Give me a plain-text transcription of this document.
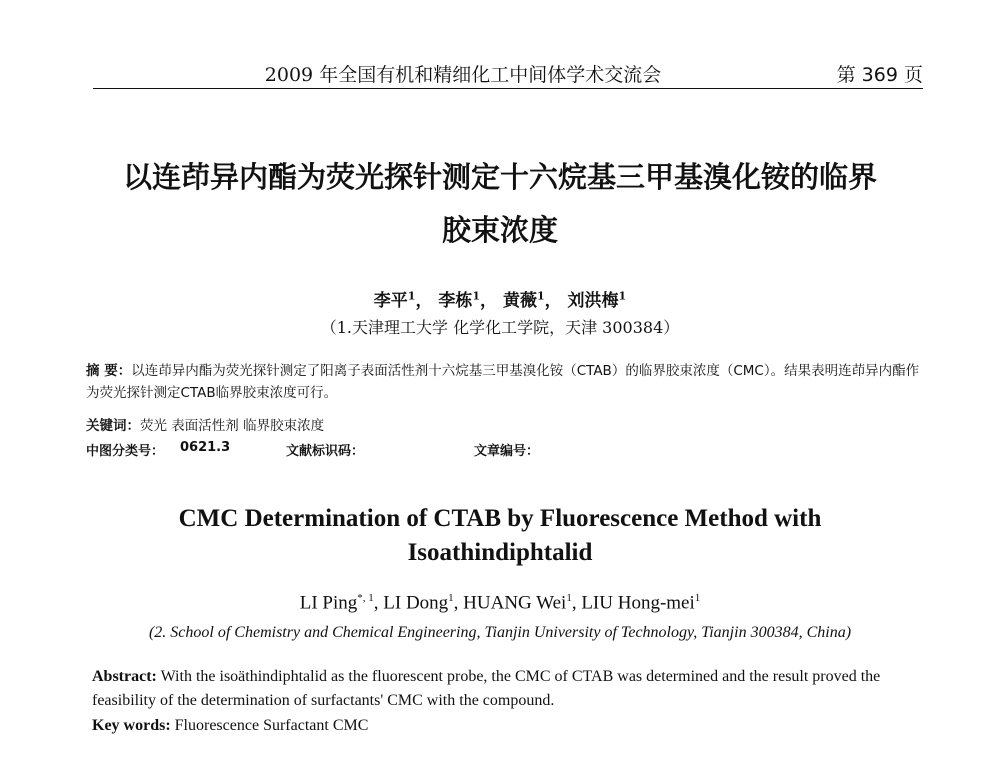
2009 年全国有机和精细化工中间体学术交流会	第 369 页
以连茚异内酯为荧光探针测定十六烷基三甲基溴化铵的临界
胶束浓度
李平$^1$， 李栋$^1$， 黄薇$^1$， 刘洪梅$^1$
（1.天津理工大学 化学化工学院，天津 300384）
摘 要：以连茚异内酯为荧光探针测定了阳离子表面活性剂十六烷基三甲基溴化铵（CTAB）的临界胶束浓度（CMC）。结果表明连茚异内酯作为荧光探针测定CTAB临界胶束浓度可行。
关键词：荧光 表面活性剂 临界胶束浓度
中图分类号： 0621.3	文献标识码：	文章编号：
CMC Determination of CTAB by Fluorescence Method with
Isoathindiphtalid
LI Ping$^{*, 1}$, LI Dong$^1$, HUANG Wei$^1$, LIU Hong-mei$^1$
(2. School of Chemistry and Chemical Engineering, Tianjin University of Technology, Tianjin 300384, China)
Abstract: With the isoäthindiphtalid as the fluorescent probe, the CMC of CTAB was determined and the result proved the feasibility of the determination of surfactants' CMC with the compound.
Key words: Fluorescence Surfactant CMC
